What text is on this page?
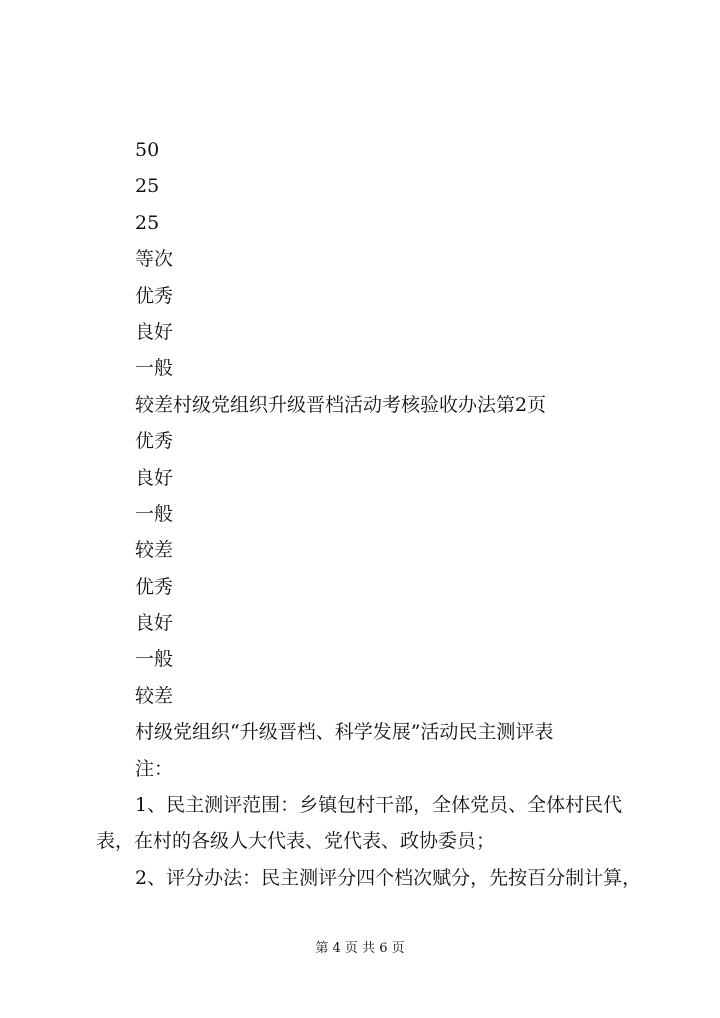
50
25
25
等次
优秀
良好
一般
较差村级党组织升级晋档活动考核验收办法第2页
优秀
良好
一般
较差
优秀
良好
一般
较差
村级党组织“升级晋档、科学发展”活动民主测评表
注：
1、民主测评范围：乡镇包村干部，全体党员、全体村民代
表，在村的各级人大代表、党代表、政协委员；
2、评分办法：民主测评分四个档次赋分，先按百分制计算，
第 4 页 共 6 页
